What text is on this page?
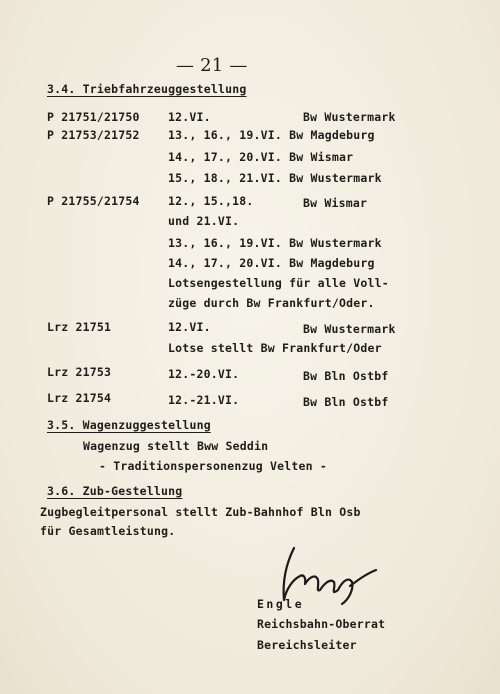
— 21 —
3.4. Triebfahrzeuggestellung
P 21751/21750 12.VI.	Bw Wustermark
P 21753/21752 13., 16., 19.VI. Bw Magdeburg
14., 17., 20.VI. Bw Wismar
15., 18., 21.VI. Bw Wustermark
P 21755/21754 12., 15.,18.	Bw Wismar
und 21.VI.
13., 16., 19.VI. Bw Wustermark
14., 17., 20.VI. Bw Magdeburg
Lotsengestellung für alle Voll-
züge durch Bw Frankfurt/Oder.
Lrz 21751	12.VI.	Bw Wustermark
Lotse stellt Bw Frankfurt/Oder
Lrz 21753	12.-20.VI.	Bw Bln Ostbf
Lrz 21754	12.-21.VI.	Bw Bln Ostbf
3.5. Wagenzuggestellung
Wagenzug stellt Bww Seddin
- Traditionspersonenzug Velten -
3.6. Zub-Gestellung
Zugbegleitpersonal stellt Zub-Bahnhof Bln Osb
für Gesamtleistung.
Engle
Reichsbahn-Oberrat
Bereichsleiter
